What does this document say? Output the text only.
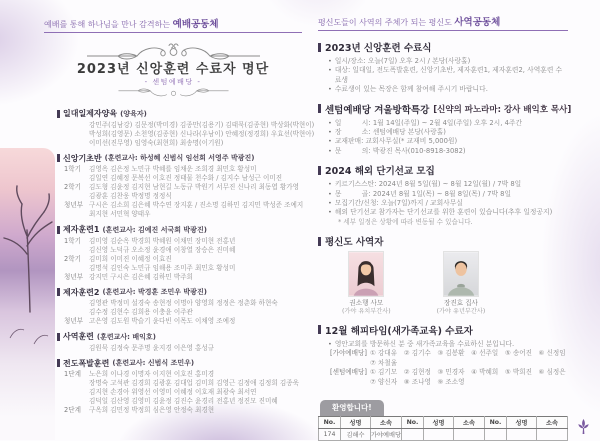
예배를 통해 하나님을 만나 감격하는 예배공동체
2023년 신앙훈련 수료자 명단
- 센텀예배당 -
일대일제자양육 (양육자)
강민주(김남강) 김문정(박미경) 김종만(김용기) 김태묵(김종현) 박상화(박현이)
박성희(김영문) 소천영(김종현) 신나라(우남이) 안혜정(정경희) 우효선(박현아)
이미선(진무영) 임영숙(최현희) 최송명(이기원)
신앙기초반 (훈련교사: 하성혜 신범식 임선희 서영주 박광진)
1학기	김영옥 김은정 노민규 박혜를 임채운 조희경 최민호 황성미
김일연 김혜정 문복선 이호진 정태물 천수화 / 김지수 남성근 이미진
2학기	김도형 김윤정 김지현 남현길 노동규 박원기 서무진 신나리 최동엽 황가영
김광훈 김찬웅 박정명 정정식
청년부 구시은 김소희 김은혜 박수연 장지훈 / 진소명 김하민 김지민 박성준 조예지
최지현 서민혁 양태우
제자훈련1 (훈련교사: 김예진 서국희 박광진)
1학기	김미영 김순옥 박경희 박혜원 이채민 장미현 전홍년
김신영 노덕규 오소정 윤경애 이창열 장승은 진미혜
2학기	김미희 이미진 이혜정 이효진
김명석 김인숙 노민규 임해용 조미주 최민호 황성미
청년부 강지민 구시은 김은혜 김하민 박주희
제자훈련2 (훈련교사: 박경훈 조민우 박광진)
김영관 박정미 설경숙 송현정 이명아 양영희 정정은 정춘화 하현숙
김수정 김현수 김희용 이충윤 이주관
청년부 고은영 김도원 박슬기 윤다빈 이목도 이채영 조예정
사역훈련 (훈련교사: 배익호)
김원묵 김정숙 문주명 윤지경 이은영 홍성규
전도폭발훈련 (훈련교사: 신범식 조민우)
1단계	노은희 이나경 이명자 이지현 이호진 홍미경
장명숙 고석관 김경희 김광훈 김대업 김미희 김영근 김정애 김정희 김종욱
김지현 손경아 위영선 이영미 이혜정 이호재 최광숙 최서연
김덕일 김산영 김영미 김윤정 김진수 윤경리 전홍년 정진모 진미혜
2단계	구옥희 김민정 박정희 심은영 안정숙 최경현
평신도들이 사역의 주체가 되는 평신도 사역공동체
2023년 신앙훈련 수료식
•
일시/장소: 오늘(7일) 오후 2시 / 본당(사랑홀)
•
대상: 일대일, 전도폭발훈련, 신앙기초반, 제자훈련1, 제자훈련2, 사역훈련 수료생
•
수료생이 있는 목장은 함께 참여해 주시기 바랍니다.
센텀예배당 겨울방학특강 [신약의 파노라마: 강사 배익호 목사]
•
일　　　시: 1월 14일(주일) ~ 2월 4일(주일) 오후 2시, 4주간
•
장　　　소: 센텀예배당 본당(사랑홀)
•
교재판매: 교회사무실(* 교재비 5,000원)
•
문　　　의: 박광진 목사(010-8918-3082)
2024 해외 단기선교 모집
•
키르기스스탄: 2024년 8월 5일(월) ~ 8월 12일(월) / 7박 8일
•
몽　　　골: 2024년 8월 1일(목) ~ 8월 8일(목) / 7박 8일
•
모집기간/신청: 오늘(7일)까지 / 교회사무실
•
해외 단기선교 참가자는 단기선교를 위한 훈련이 있습니다(추후 일정공지)
* 세부 일정은 상황에 따라 변동될 수 있습니다.
평신도 사역자
권소행 사모
(가야 유치부간사)
장진효 집사
(가야 유년부간사)
12월 해피타임(새가족교육) 수료자
•
영안교회를 방문하신 분 중 새가족교육을 수료하신 분입니다.
[가야예배당] ① 강대유 ② 김기수 ③ 김봉환 ④ 선주일 ⑤ 송어진 ⑥ 신정임
⑦ 차철율
[센텀예배당] ① 김기모 ② 김현정 ③ 민경자 ④ 박혜희 ⑤ 박희진 ⑥ 심정은
⑦ 양신자 ⑧ 조나영 ⑨ 조소영
환영합니다!
No.	성명	소속	No.	성명	소속	No.	성명	소속
174	김해수	가야예배당						
